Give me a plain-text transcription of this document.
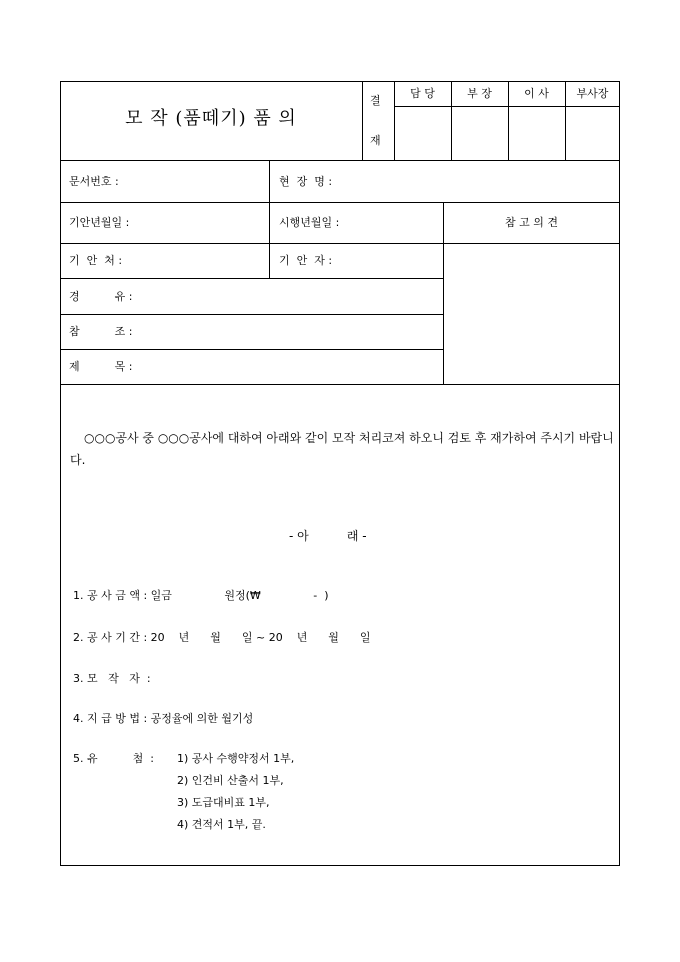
모 작 (품떼기) 품 의
결
재
담 당	부 장	이 사	부사장
문서번호 :	현  장  명 :
기안년월일 :	시행년월일 :	참 고 의 견
기  안  처 :	기  안  자 :
경          유 :
참          조 :
제          목 :
○○○공사 중 ○○○공사에 대하여 아래와 같이 모작 처리코져 하오니 검토 후 재가하여 주시기 바랍니다.
- 아          래 -
1. 공 사 금 액 : 일금               원정(₩               -  )
2. 공 사 기 간 : 20    년      월      일 ~ 20    년      월      일
3. 모   작   자  :
4. 지 급 방 법 : 공정율에 의한 월기성
5. 유          첨  : 1) 공사 수행약정서 1부,
2) 인건비 산출서 1부,
3) 도급대비표 1부,
4) 견적서 1부, 끝.
